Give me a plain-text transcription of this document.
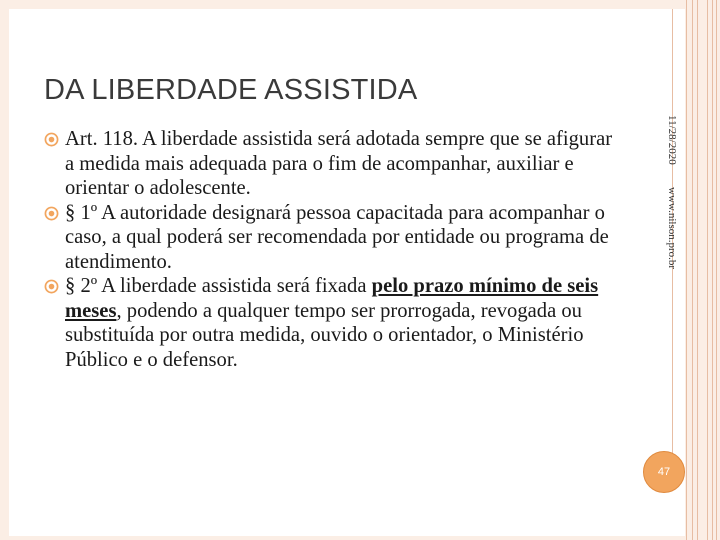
DA LIBERDADE ASSISTIDA
Art. 118. A liberdade assistida será adotada sempre que se afigurar a medida mais adequada para o fim de acompanhar, auxiliar e orientar o adolescente.
§ 1º A autoridade designará pessoa capacitada para acompanhar o caso, a qual poderá ser recomendada por entidade ou programa de atendimento.
§ 2º A liberdade assistida será fixada pelo prazo mínimo de seis meses, podendo a qualquer tempo ser prorrogada, revogada ou substituída por outra medida, ouvido o orientador, o Ministério Público e o defensor.
11/28/2020
www.nilson.pro.br
47
